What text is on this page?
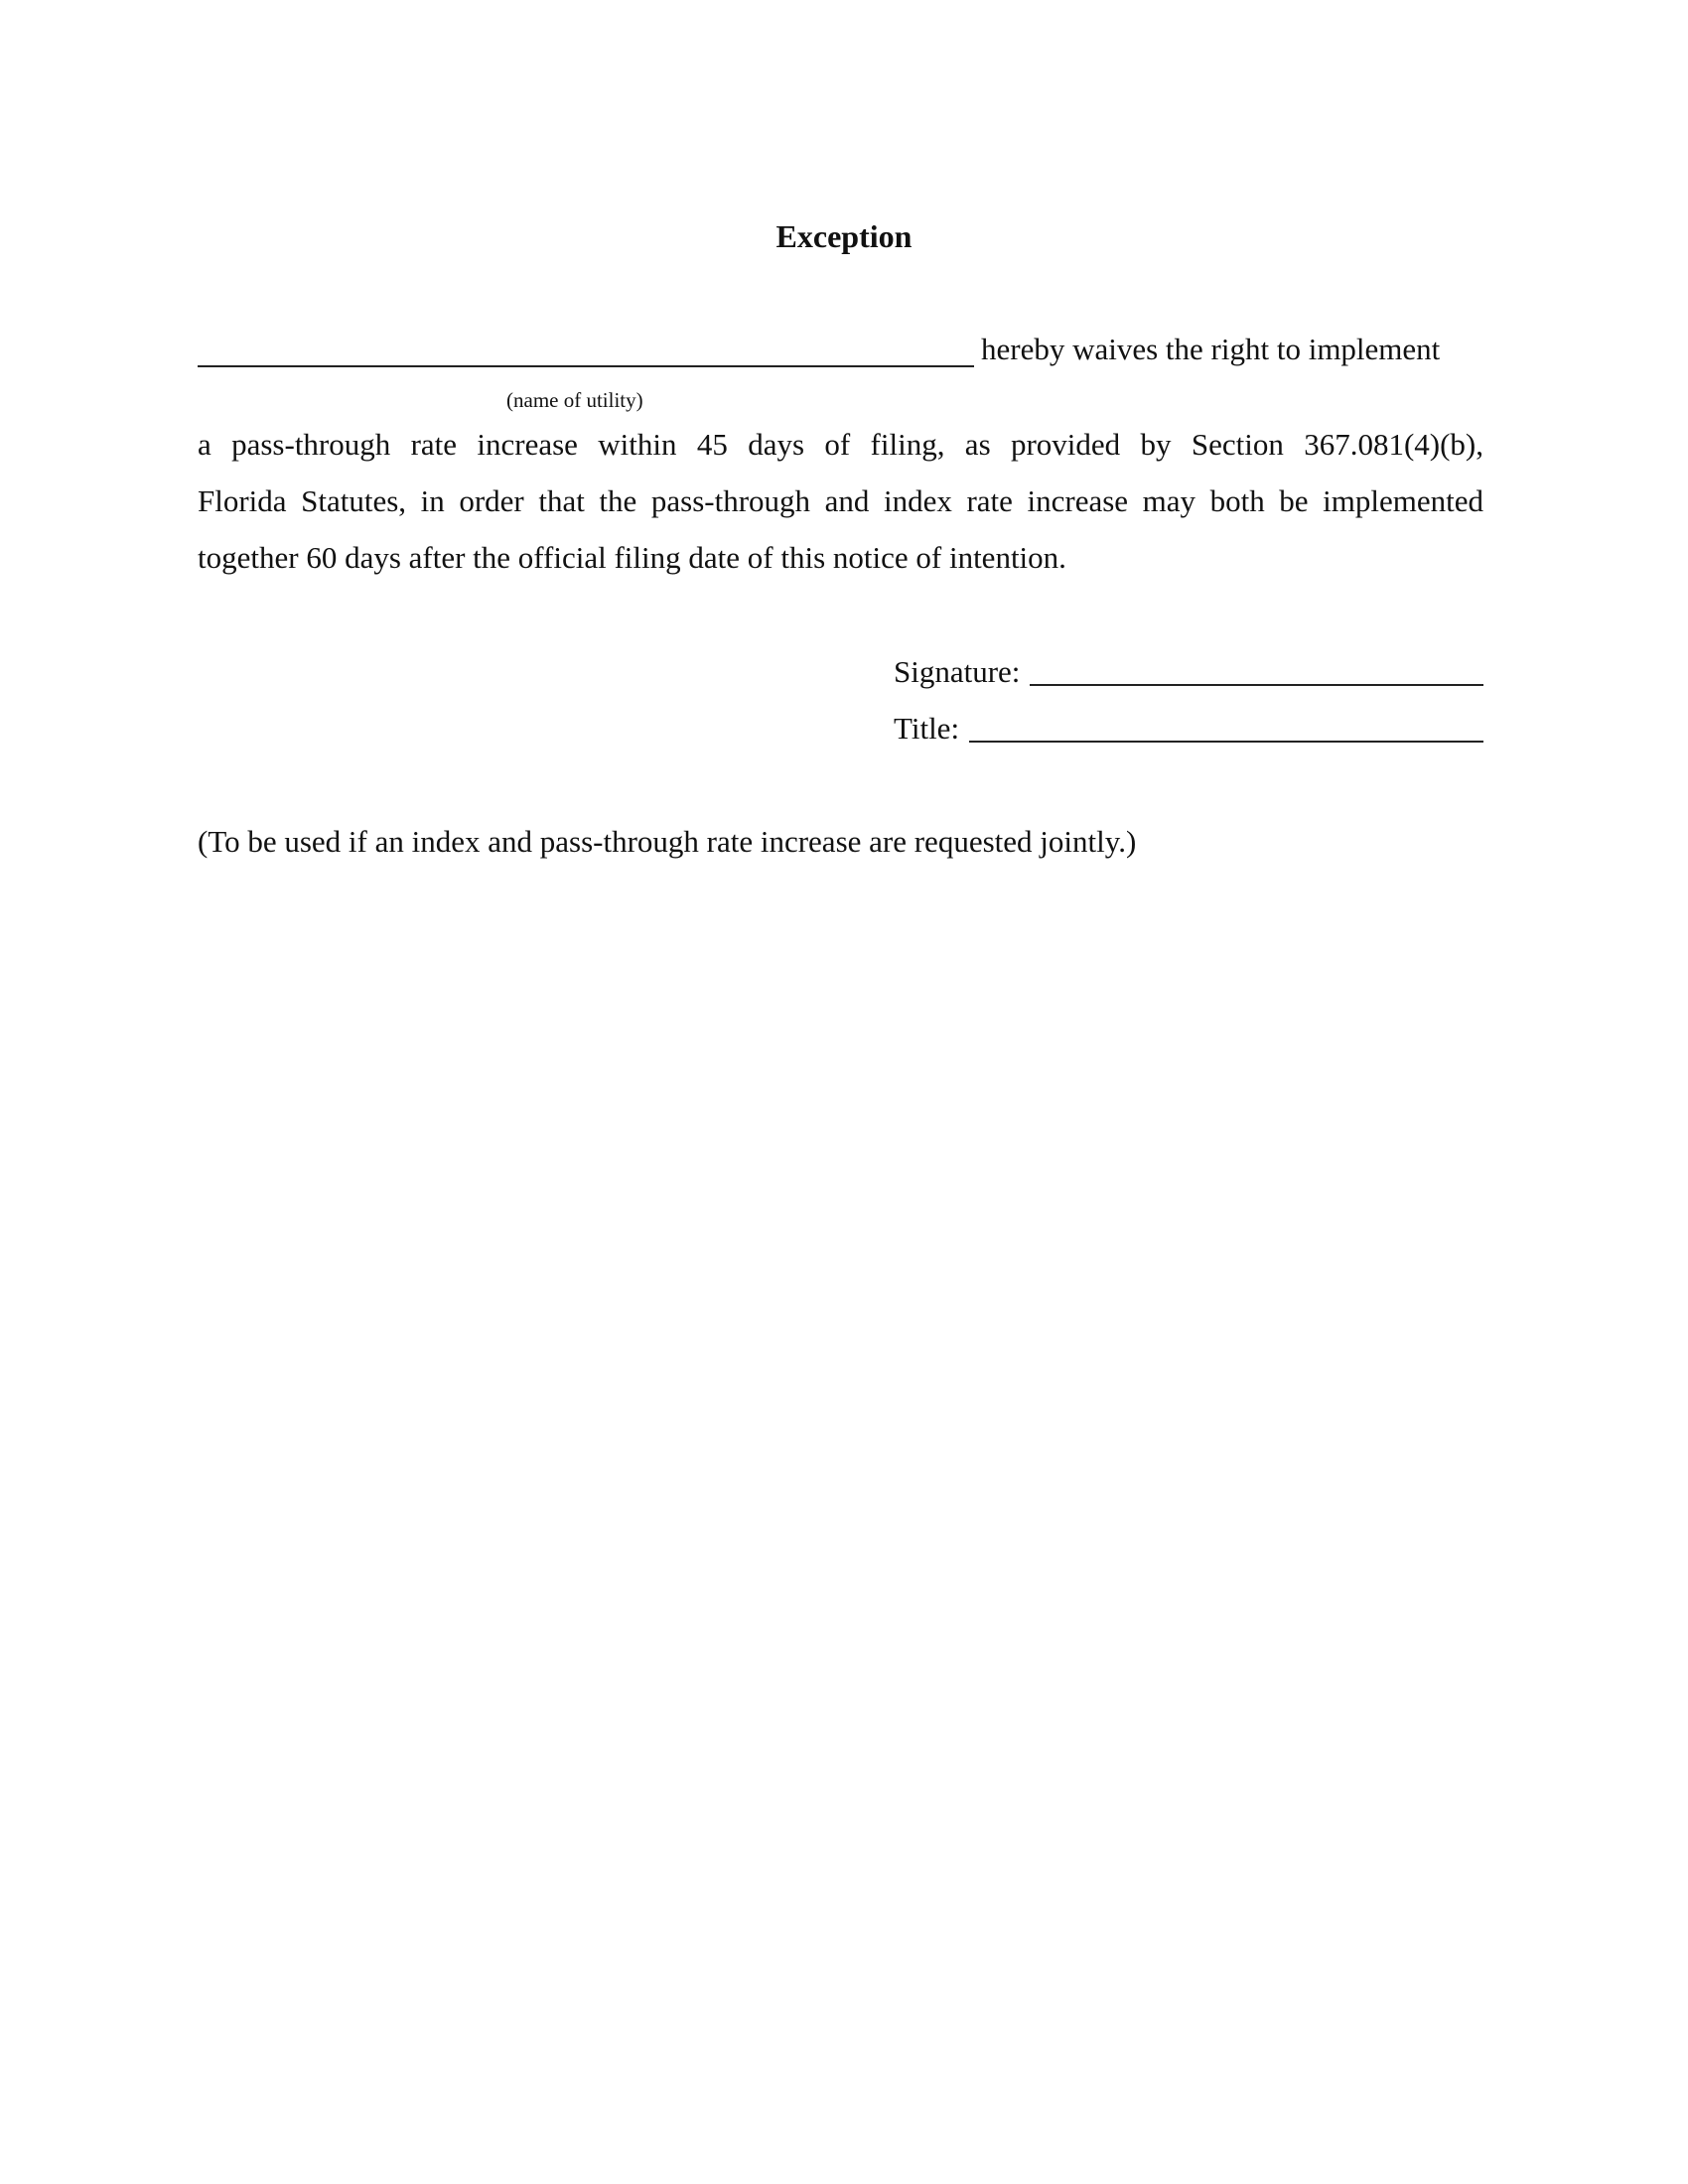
Exception
hereby waives the right to implement
(name of utility)
a pass-through rate increase within 45 days of filing, as provided by Section 367.081(4)(b),
Florida Statutes, in order that the pass-through and index rate increase may both be implemented
together 60 days after the official filing date of this notice of intention.
Signature:
Title:
(To be used if an index and pass-through rate increase are requested jointly.)
